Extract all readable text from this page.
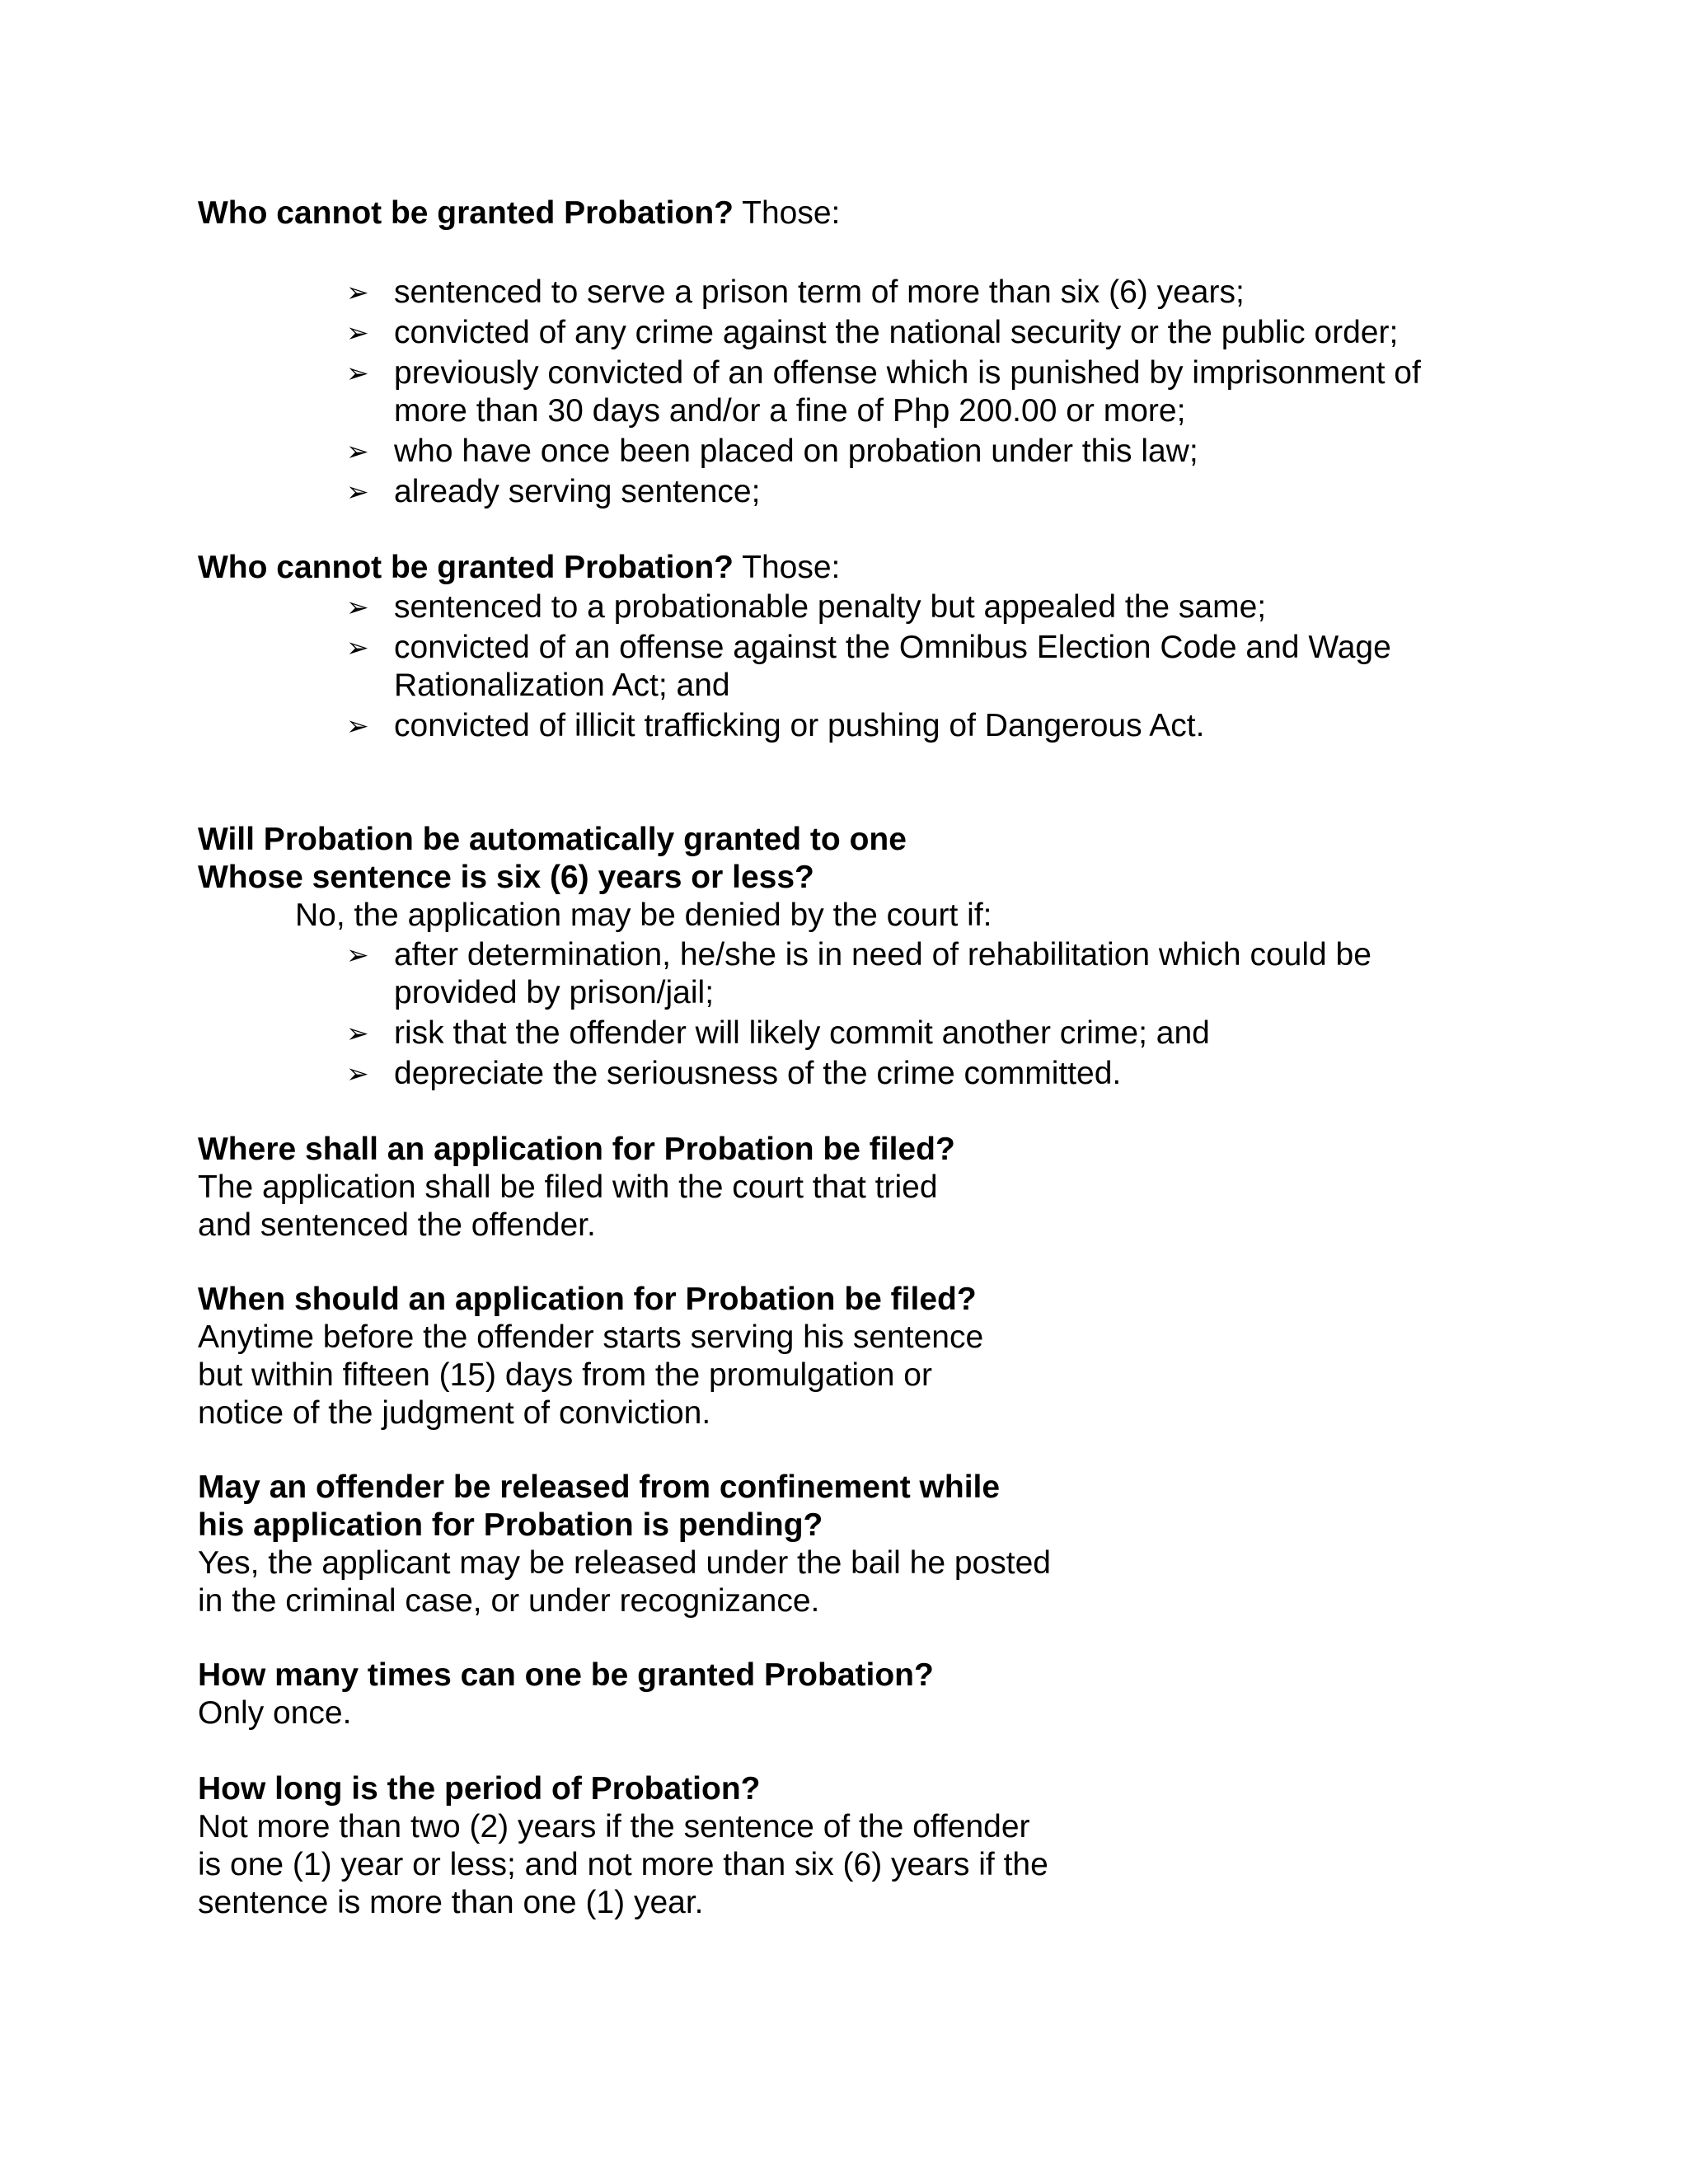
Who cannot be granted Probation? Those:
➢ sentenced to serve a prison term of more than six (6) years;
➢ convicted of any crime against the national security or the public order;
➢ previously convicted of an offense which is punished by imprisonment of
more than 30 days and/or a fine of Php 200.00 or more;
➢ who have once been placed on probation under this law;
➢ already serving sentence;
Who cannot be granted Probation? Those:
➢ sentenced to a probationable penalty but appealed the same;
➢ convicted of an offense against the Omnibus Election Code and Wage
Rationalization Act; and
➢ convicted of illicit trafficking or pushing of Dangerous Act.
Will Probation be automatically granted to one
Whose sentence is six (6) years or less?
No, the application may be denied by the court if:
➢ after determination, he/she is in need of rehabilitation which could be
provided by prison/jail;
➢ risk that the offender will likely commit another crime; and
➢ depreciate the seriousness of the crime committed.
Where shall an application for Probation be filed?
The application shall be filed with the court that tried
and sentenced the offender.
When should an application for Probation be filed?
Anytime before the offender starts serving his sentence
but within fifteen (15) days from the promulgation or
notice of the judgment of conviction.
May an offender be released from confinement while
his application for Probation is pending?
Yes, the applicant may be released under the bail he posted
in the criminal case, or under recognizance.
How many times can one be granted Probation?
Only once.
How long is the period of Probation?
Not more than two (2) years if the sentence of the offender
is one (1) year or less; and not more than six (6) years if the
sentence is more than one (1) year.
